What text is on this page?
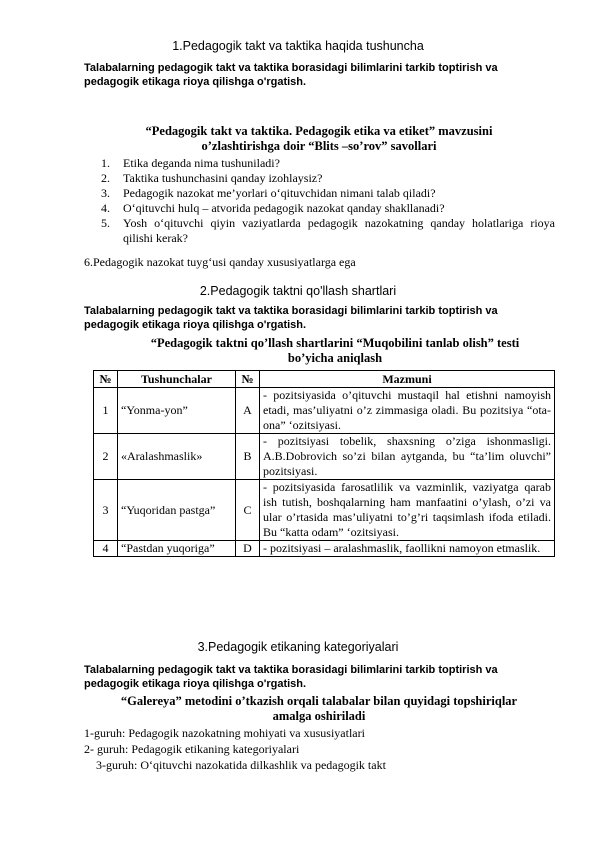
1.Pedagogik takt va taktika haqida tushuncha
Talabalarning pedagogik takt va taktika borasidagi bilimlarini tarkib toptirish va pedagogik etikaga rioya qilishga o'rgatish.
“Pedagogik takt va taktika. Pedagogik etika va etiket” mavzusini
o’zlashtirishga doir “Blits –so’rov” savollari
1. Etika deganda nima tushuniladi?
2. Taktika tushunchasini qanday izohlaysiz?
3. Pedagogik nazokat me’yorlari o‘qituvchidan nimani talab qiladi?
4. O‘qituvchi hulq – atvorida pedagogik nazokat qanday shakllanadi?
5. Yosh o‘qituvchi qiyin vaziyatlarda pedagogik nazokatning qanday holatlariga rioya qilishi kerak?
6.Pedagogik nazokat tuyg‘usi qanday xususiyatlarga ega
2.Pedagogik taktni qo'llash shartlari
Talabalarning pedagogik takt va taktika borasidagi bilimlarini tarkib toptirish va pedagogik etikaga rioya qilishga o'rgatish.
“Pedagogik taktni qo’llash shartlarini “Muqobilini tanlab olish” testi
bo’yicha aniqlash
№	Tushunchalar	№	Mazmuni
1	“Yonma-yon”	A	- pozitsiyasida o’qituvchi mustaqil hal etishni namoyish etadi, mas’uliyatni o’z zimmasiga oladi. Bu pozitsiya “ota-ona” ‘ozitsiyasi.
2	«Aralashmaslik»	B	- pozitsiyasi tobelik, shaxsning o’ziga ishonmasligi. A.B.Dobrovich so’zi bilan aytganda, bu “ta’lim oluvchi” pozitsiyasi.
3	“Yuqoridan pastga”	C	- pozitsiyasida farosatlilik va vazminlik, vaziyatga qarab ish tutish, boshqalarning ham manfaatini o’ylash, o’zi va ular o’rtasida mas’uliyatni to’g’ri taqsimlash ifoda etiladi. Bu “katta odam” ‘ozitsiyasi.
4	“Pastdan yuqoriga”	D	- pozitsiyasi – aralashmaslik, faollikni namoyon etmaslik.
3.Pedagogik etikaning kategoriyalari
Talabalarning pedagogik takt va taktika borasidagi bilimlarini tarkib toptirish va pedagogik etikaga rioya qilishga o'rgatish.
“Galereya” metodini o’tkazish orqali talabalar bilan quyidagi topshiriqlar
amalga oshiriladi
1-guruh: Pedagogik nazokatning mohiyati va xususiyatlari
2- guruh: Pedagogik etikaning kategoriyalari
3-guruh: O‘qituvchi nazokatida dilkashlik va pedagogik takt
